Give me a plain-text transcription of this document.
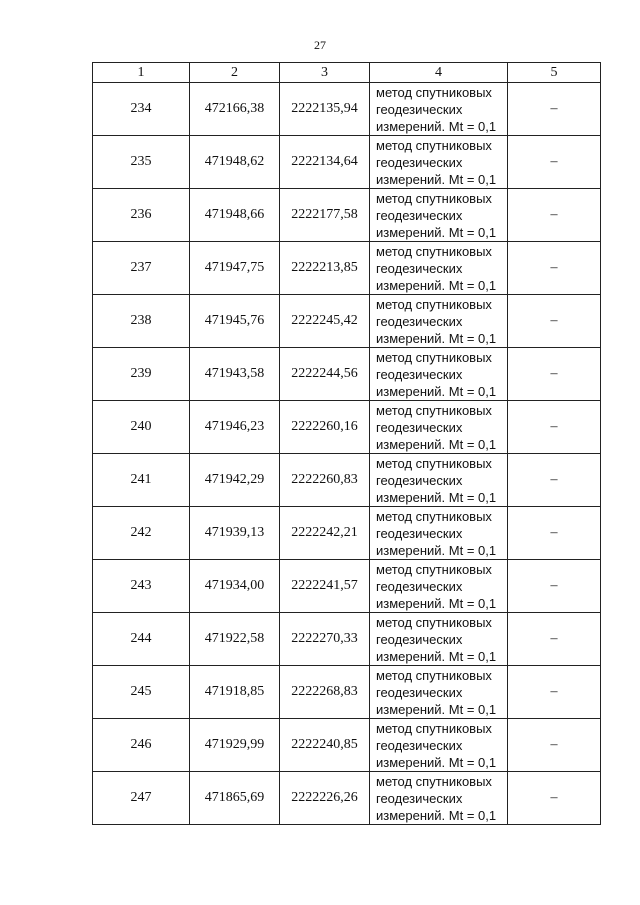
27
1	2	3	4	5
234	472166,38	2222135,94	метод спутниковых
геодезических
измерений. Mt = 0,1	–
235	471948,62	2222134,64	метод спутниковых
геодезических
измерений. Mt = 0,1	–
236	471948,66	2222177,58	метод спутниковых
геодезических
измерений. Mt = 0,1	–
237	471947,75	2222213,85	метод спутниковых
геодезических
измерений. Mt = 0,1	–
238	471945,76	2222245,42	метод спутниковых
геодезических
измерений. Mt = 0,1	–
239	471943,58	2222244,56	метод спутниковых
геодезических
измерений. Mt = 0,1	–
240	471946,23	2222260,16	метод спутниковых
геодезических
измерений. Mt = 0,1	–
241	471942,29	2222260,83	метод спутниковых
геодезических
измерений. Mt = 0,1	–
242	471939,13	2222242,21	метод спутниковых
геодезических
измерений. Mt = 0,1	–
243	471934,00	2222241,57	метод спутниковых
геодезических
измерений. Mt = 0,1	–
244	471922,58	2222270,33	метод спутниковых
геодезических
измерений. Mt = 0,1	–
245	471918,85	2222268,83	метод спутниковых
геодезических
измерений. Mt = 0,1	–
246	471929,99	2222240,85	метод спутниковых
геодезических
измерений. Mt = 0,1	–
247	471865,69	2222226,26	метод спутниковых
геодезических
измерений. Mt = 0,1	–
